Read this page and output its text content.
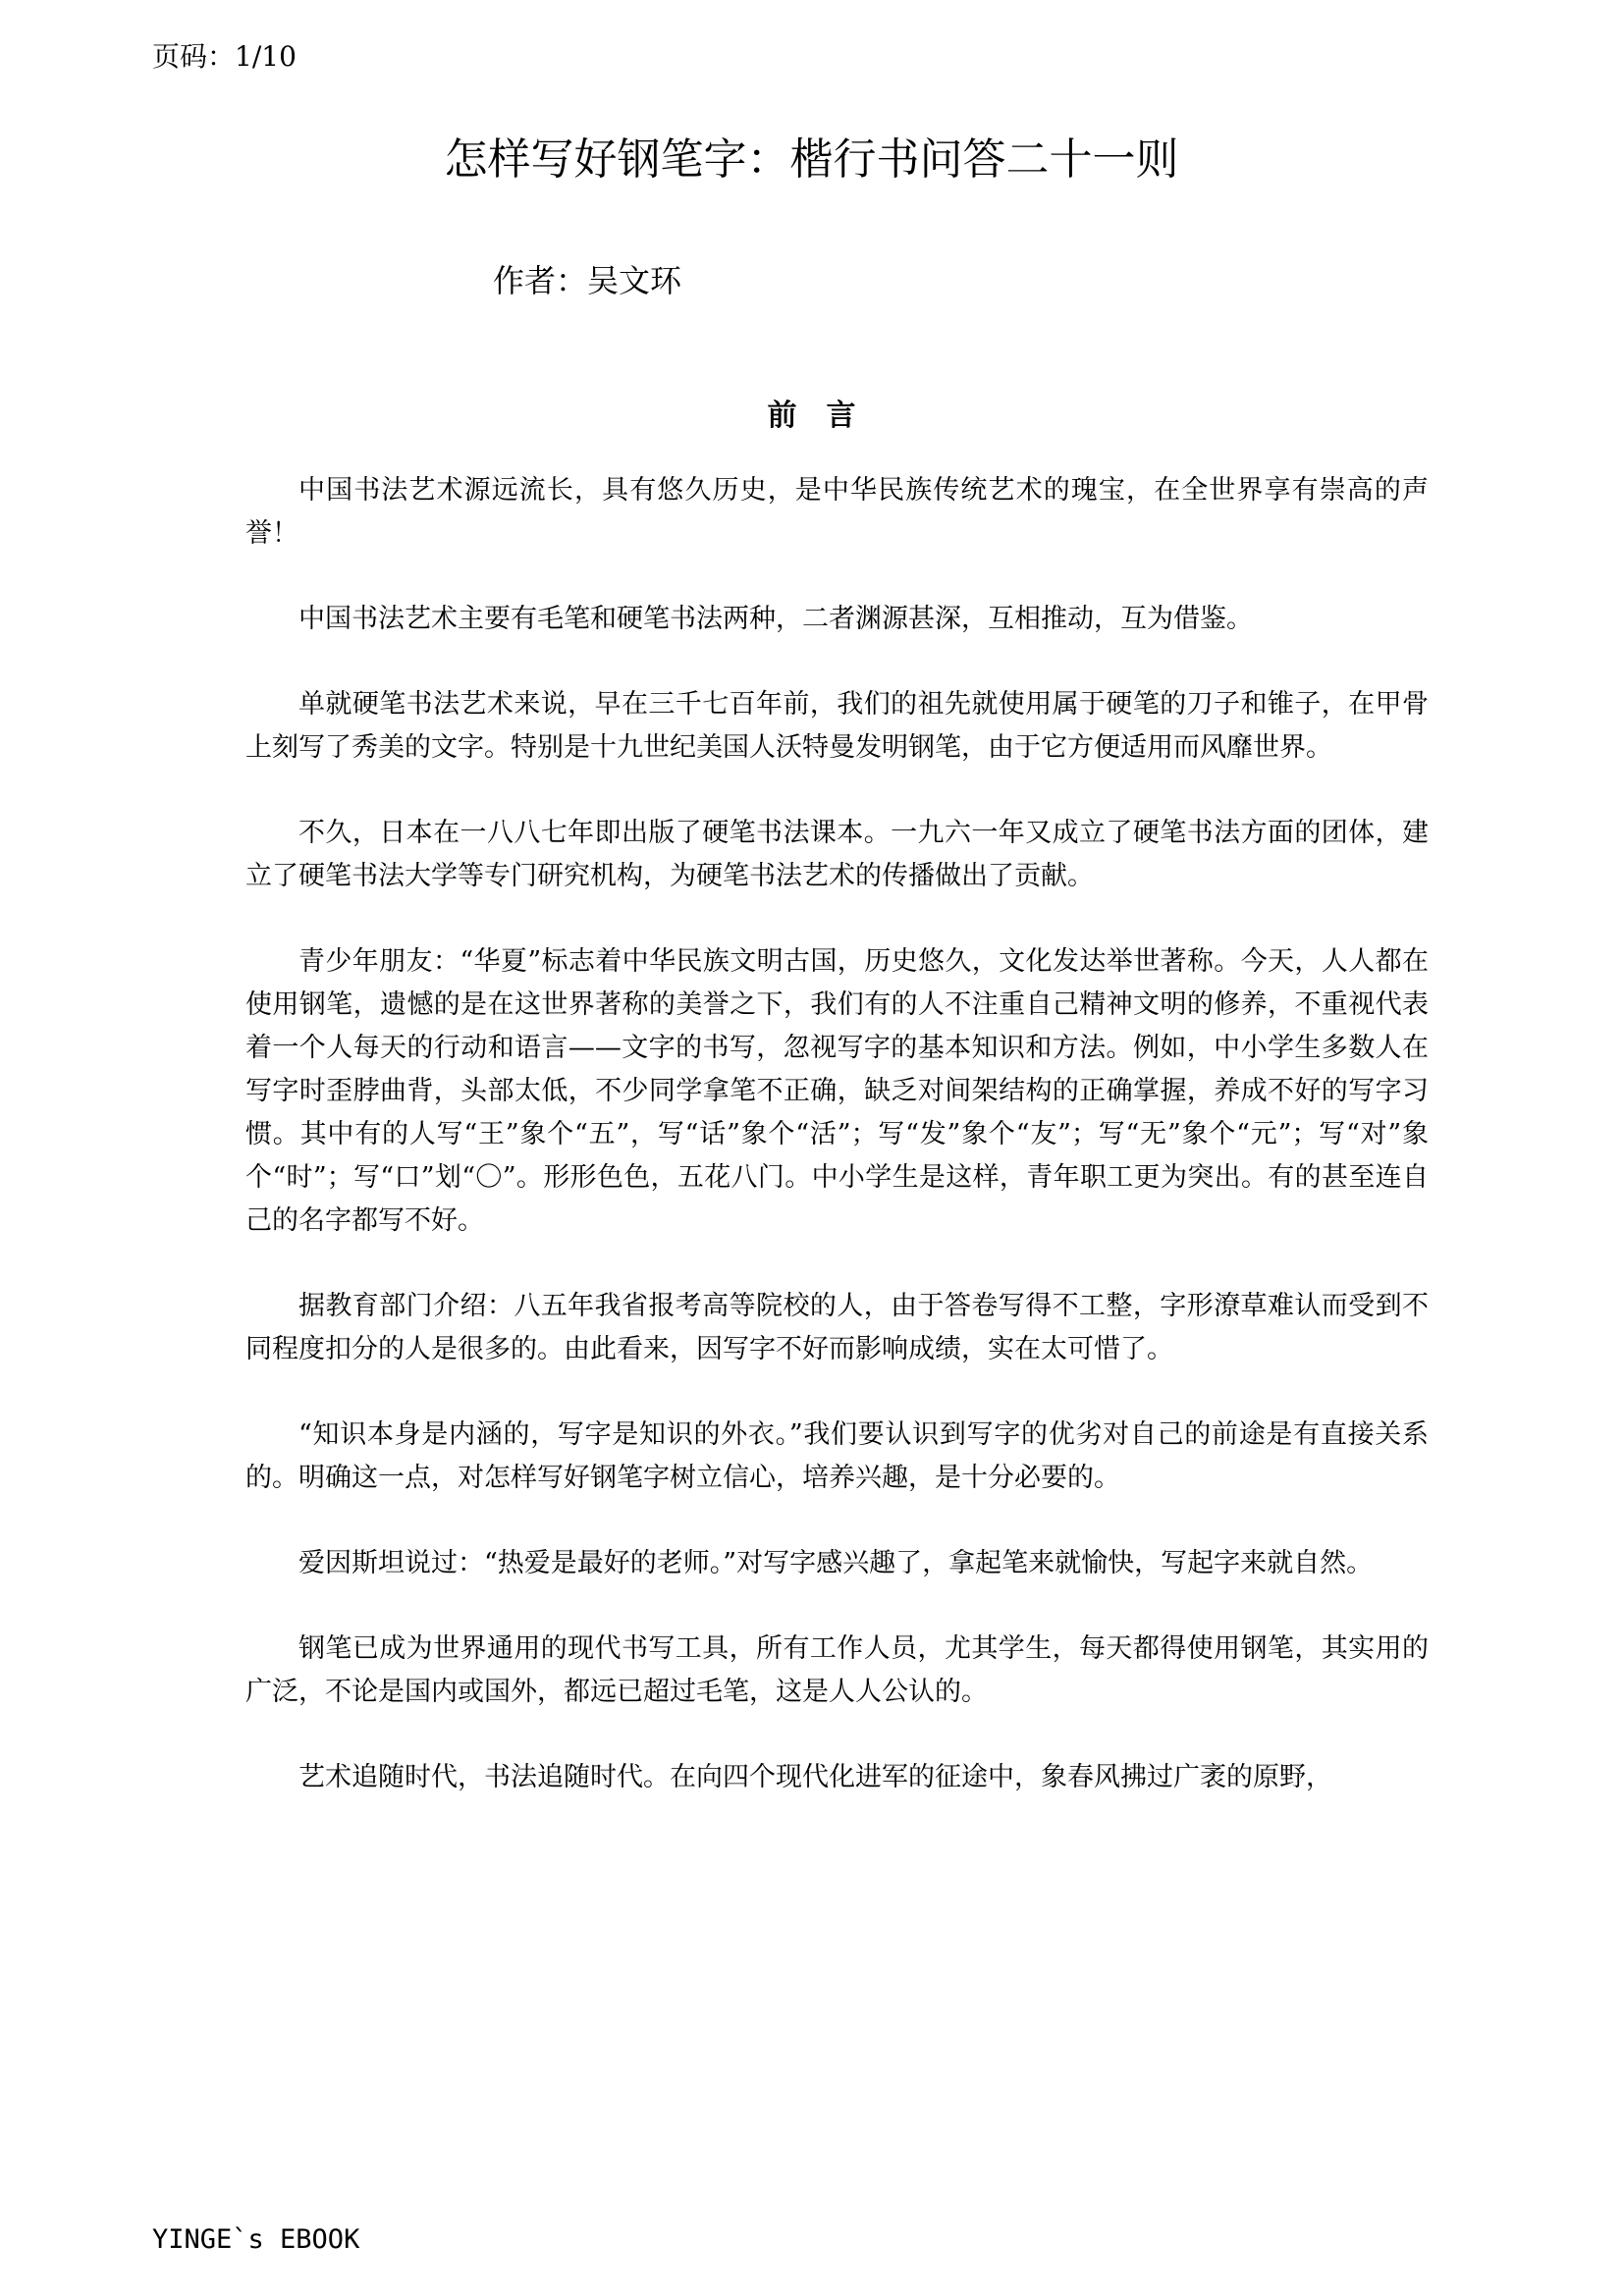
页码：1/10
怎样写好钢笔字：楷行书问答二十一则
作者：吴文环
前言

中国书法艺术源远流长，具有悠久历史，是中华民族传统艺术的瑰宝，在全世界享有崇高的声誉！

中国书法艺术主要有毛笔和硬笔书法两种，二者渊源甚深，互相推动，互为借鉴。

单就硬笔书法艺术来说，早在三千七百年前，我们的祖先就使用属于硬笔的刀子和锥子，在甲骨上刻写了秀美的文字。特别是十九世纪美国人沃特曼发明钢笔，由于它方便适用而风靡世界。

不久，日本在一八八七年即出版了硬笔书法课本。一九六一年又成立了硬笔书法方面的团体，建立了硬笔书法大学等专门研究机构，为硬笔书法艺术的传播做出了贡献。

青少年朋友：“华夏”标志着中华民族文明古国，历史悠久，文化发达举世著称。今天，人人都在使用钢笔，遗憾的是在这世界著称的美誉之下，我们有的人不注重自己精神文明的修养，不重视代表着一个人每天的行动和语言——文字的书写，忽视写字的基本知识和方法。例如，中小学生多数人在写字时歪脖曲背，头部太低，不少同学拿笔不正确，缺乏对间架结构的正确掌握，养成不好的写字习惯。其中有的人写“王”象个“五”，写“话”象个“活”；写“发”象个“友”；写“无”象个“元”；写“对”象个“时”；写“口”划“〇”。形形色色，五花八门。中小学生是这样，青年职工更为突出。有的甚至连自己的名字都写不好。

据教育部门介绍：八五年我省报考高等院校的人，由于答卷写得不工整，字形潦草难认而受到不同程度扣分的人是很多的。由此看来，因写字不好而影响成绩，实在太可惜了。

“知识本身是内涵的，写字是知识的外衣。”我们要认识到写字的优劣对自己的前途是有直接关系的。明确这一点，对怎样写好钢笔字树立信心，培养兴趣，是十分必要的。

爱因斯坦说过：“热爱是最好的老师。”对写字感兴趣了，拿起笔来就愉快，写起字来就自然。

钢笔已成为世界通用的现代书写工具，所有工作人员，尤其学生，每天都得使用钢笔，其实用的广泛，不论是国内或国外，都远已超过毛笔，这是人人公认的。

艺术追随时代，书法追随时代。在向四个现代化进军的征途中，象春风拂过广袤的原野，

YINGE`s EBOOK
